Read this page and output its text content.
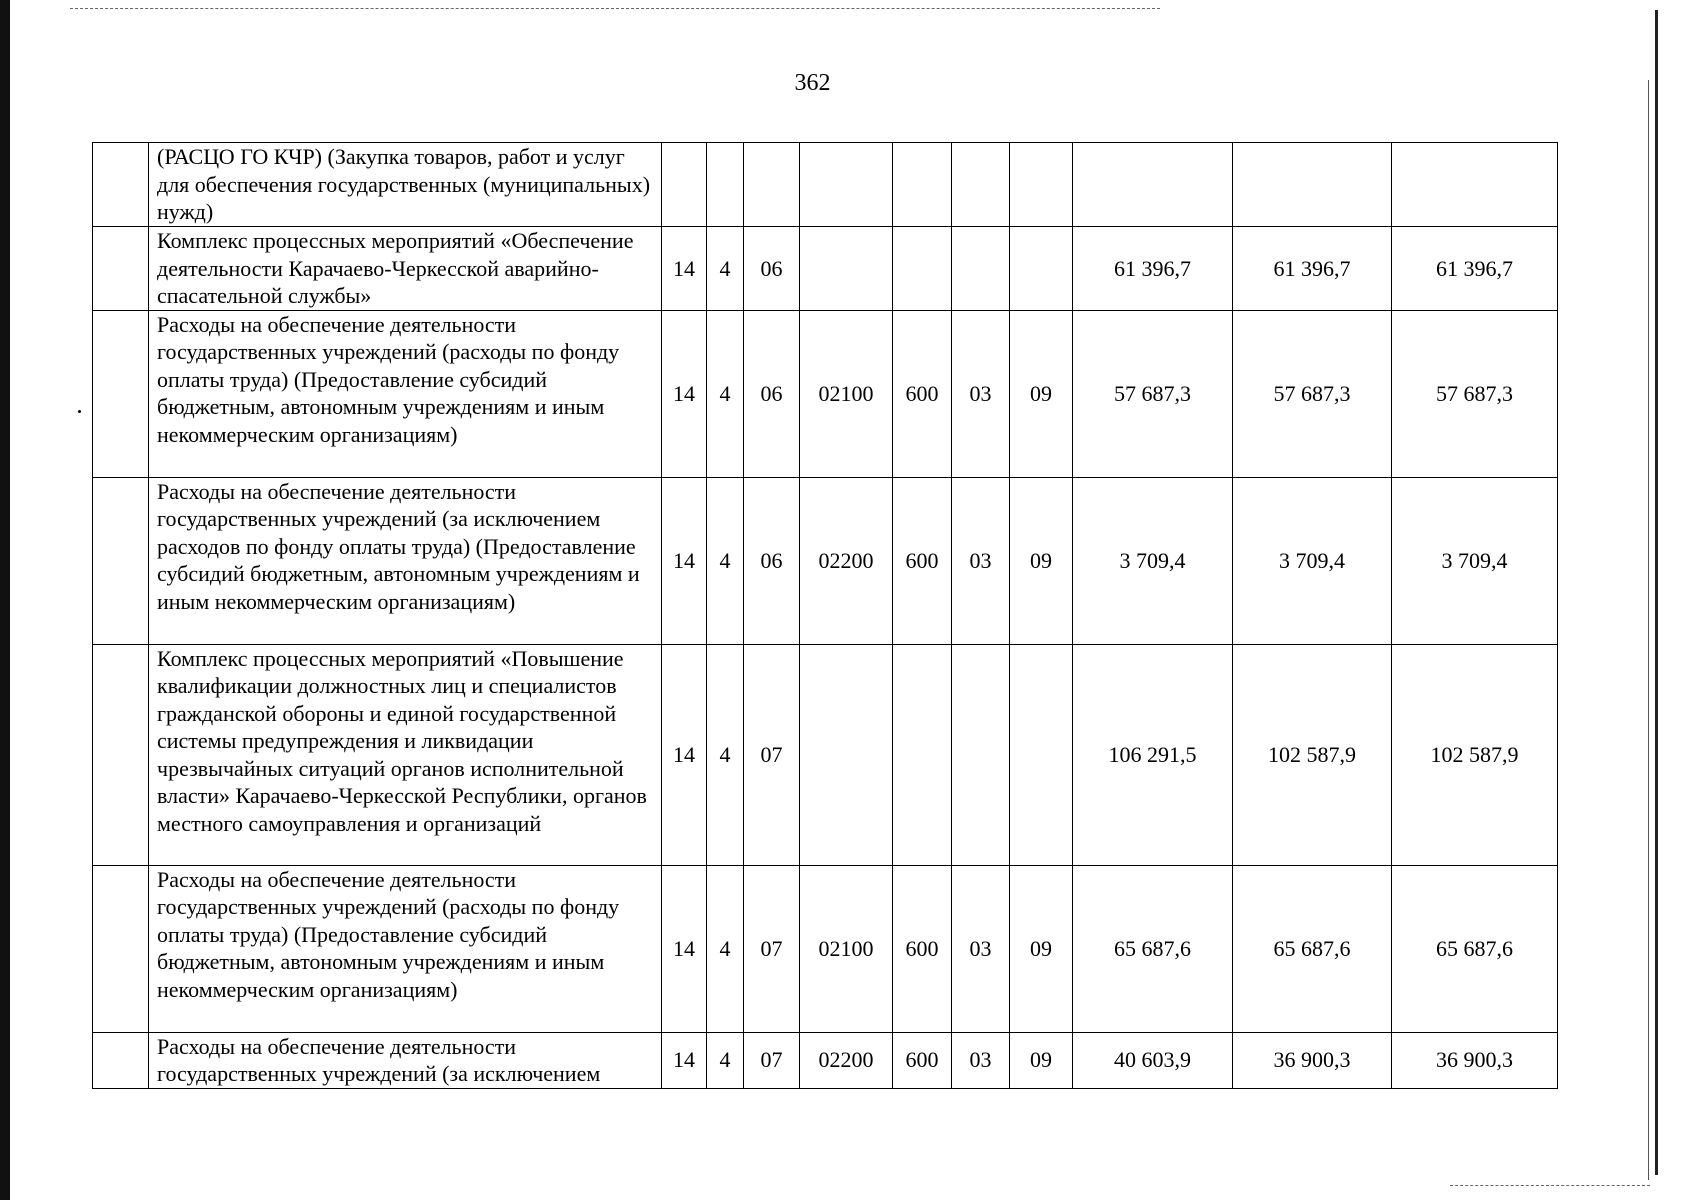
362
	(РАСЦО ГО КЧР) (Закупка товаров, работ и услуг для обеспечения государственных (муниципальных) нужд)										
	Комплекс процессных мероприятий «Обеспечение деятельности Карачаево-Черкесской аварийно-спасательной службы»	14	4	06					61 396,7	61 396,7	61 396,7
	Расходы на обеспечение деятельности государственных учреждений (расходы по фонду оплаты труда) (Предоставление субсидий бюджетным, автономным учреждениям и иным некоммерческим организациям)	14	4	06	02100	600	03	09	57 687,3	57 687,3	57 687,3
	Расходы на обеспечение деятельности государственных учреждений (за исключением расходов по фонду оплаты труда) (Предоставление субсидий бюджетным, автономным учреждениям и иным некоммерческим организациям)	14	4	06	02200	600	03	09	3 709,4	3 709,4	3 709,4
	Комплекс процессных мероприятий «Повышение квалификации должностных лиц и специалистов гражданской обороны и единой государственной системы предупреждения и ликвидации чрезвычайных ситуаций органов исполнительной власти» Карачаево-Черкесской Республики, органов местного самоуправления и организаций	14	4	07					106 291,5	102 587,9	102 587,9
	Расходы на обеспечение деятельности государственных учреждений (расходы по фонду оплаты труда) (Предоставление субсидий бюджетным, автономным учреждениям и иным некоммерческим организациям)	14	4	07	02100	600	03	09	65 687,6	65 687,6	65 687,6
	Расходы на обеспечение деятельности государственных учреждений (за исключением	14	4	07	02200	600	03	09	40 603,9	36 900,3	36 900,3
